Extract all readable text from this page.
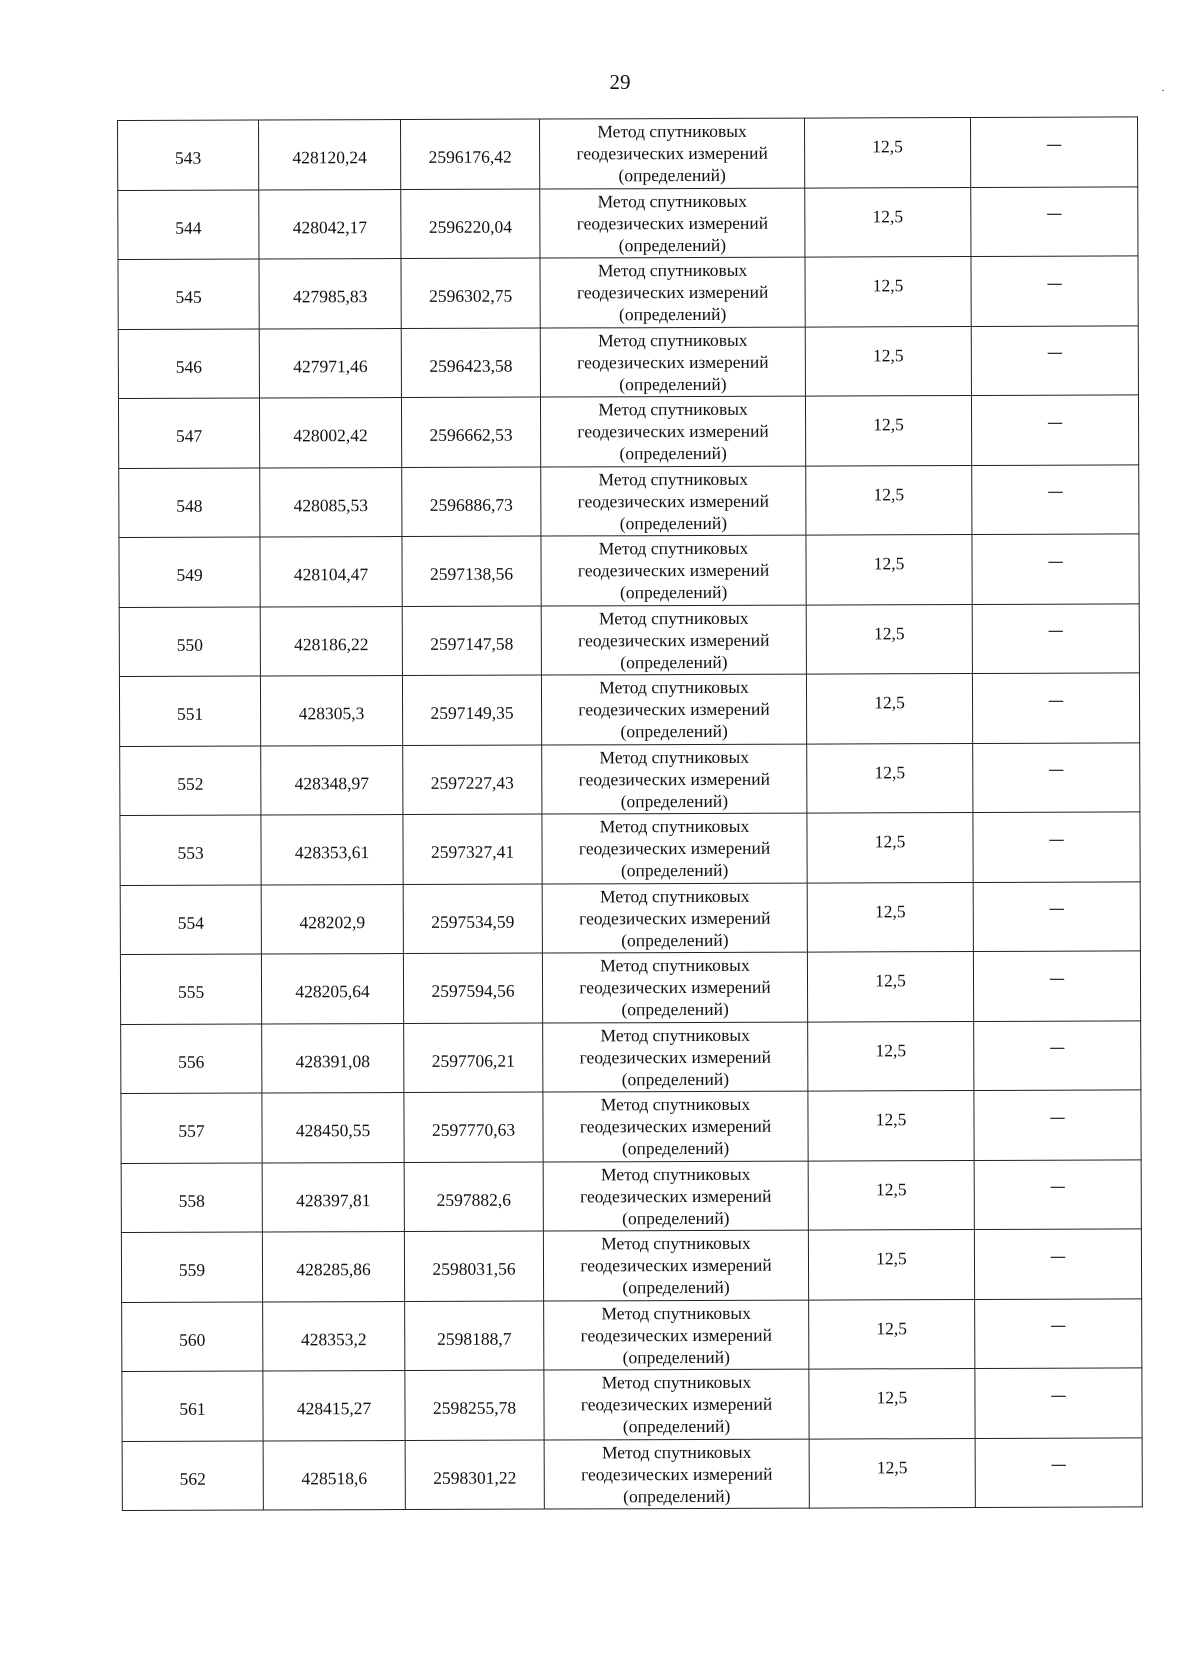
29
543	428120,24	2596176,42	Метод спутниковых
геодезических измерений
(определений)	12,5	—
544	428042,17	2596220,04	Метод спутниковых
геодезических измерений
(определений)	12,5	—
545	427985,83	2596302,75	Метод спутниковых
геодезических измерений
(определений)	12,5	—
546	427971,46	2596423,58	Метод спутниковых
геодезических измерений
(определений)	12,5	—
547	428002,42	2596662,53	Метод спутниковых
геодезических измерений
(определений)	12,5	—
548	428085,53	2596886,73	Метод спутниковых
геодезических измерений
(определений)	12,5	—
549	428104,47	2597138,56	Метод спутниковых
геодезических измерений
(определений)	12,5	—
550	428186,22	2597147,58	Метод спутниковых
геодезических измерений
(определений)	12,5	—
551	428305,3	2597149,35	Метод спутниковых
геодезических измерений
(определений)	12,5	—
552	428348,97	2597227,43	Метод спутниковых
геодезических измерений
(определений)	12,5	—
553	428353,61	2597327,41	Метод спутниковых
геодезических измерений
(определений)	12,5	—
554	428202,9	2597534,59	Метод спутниковых
геодезических измерений
(определений)	12,5	—
555	428205,64	2597594,56	Метод спутниковых
геодезических измерений
(определений)	12,5	—
556	428391,08	2597706,21	Метод спутниковых
геодезических измерений
(определений)	12,5	—
557	428450,55	2597770,63	Метод спутниковых
геодезических измерений
(определений)	12,5	—
558	428397,81	2597882,6	Метод спутниковых
геодезических измерений
(определений)	12,5	—
559	428285,86	2598031,56	Метод спутниковых
геодезических измерений
(определений)	12,5	—
560	428353,2	2598188,7	Метод спутниковых
геодезических измерений
(определений)	12,5	—
561	428415,27	2598255,78	Метод спутниковых
геодезических измерений
(определений)	12,5	—
562	428518,6	2598301,22	Метод спутниковых
геодезических измерений
(определений)	12,5	—
